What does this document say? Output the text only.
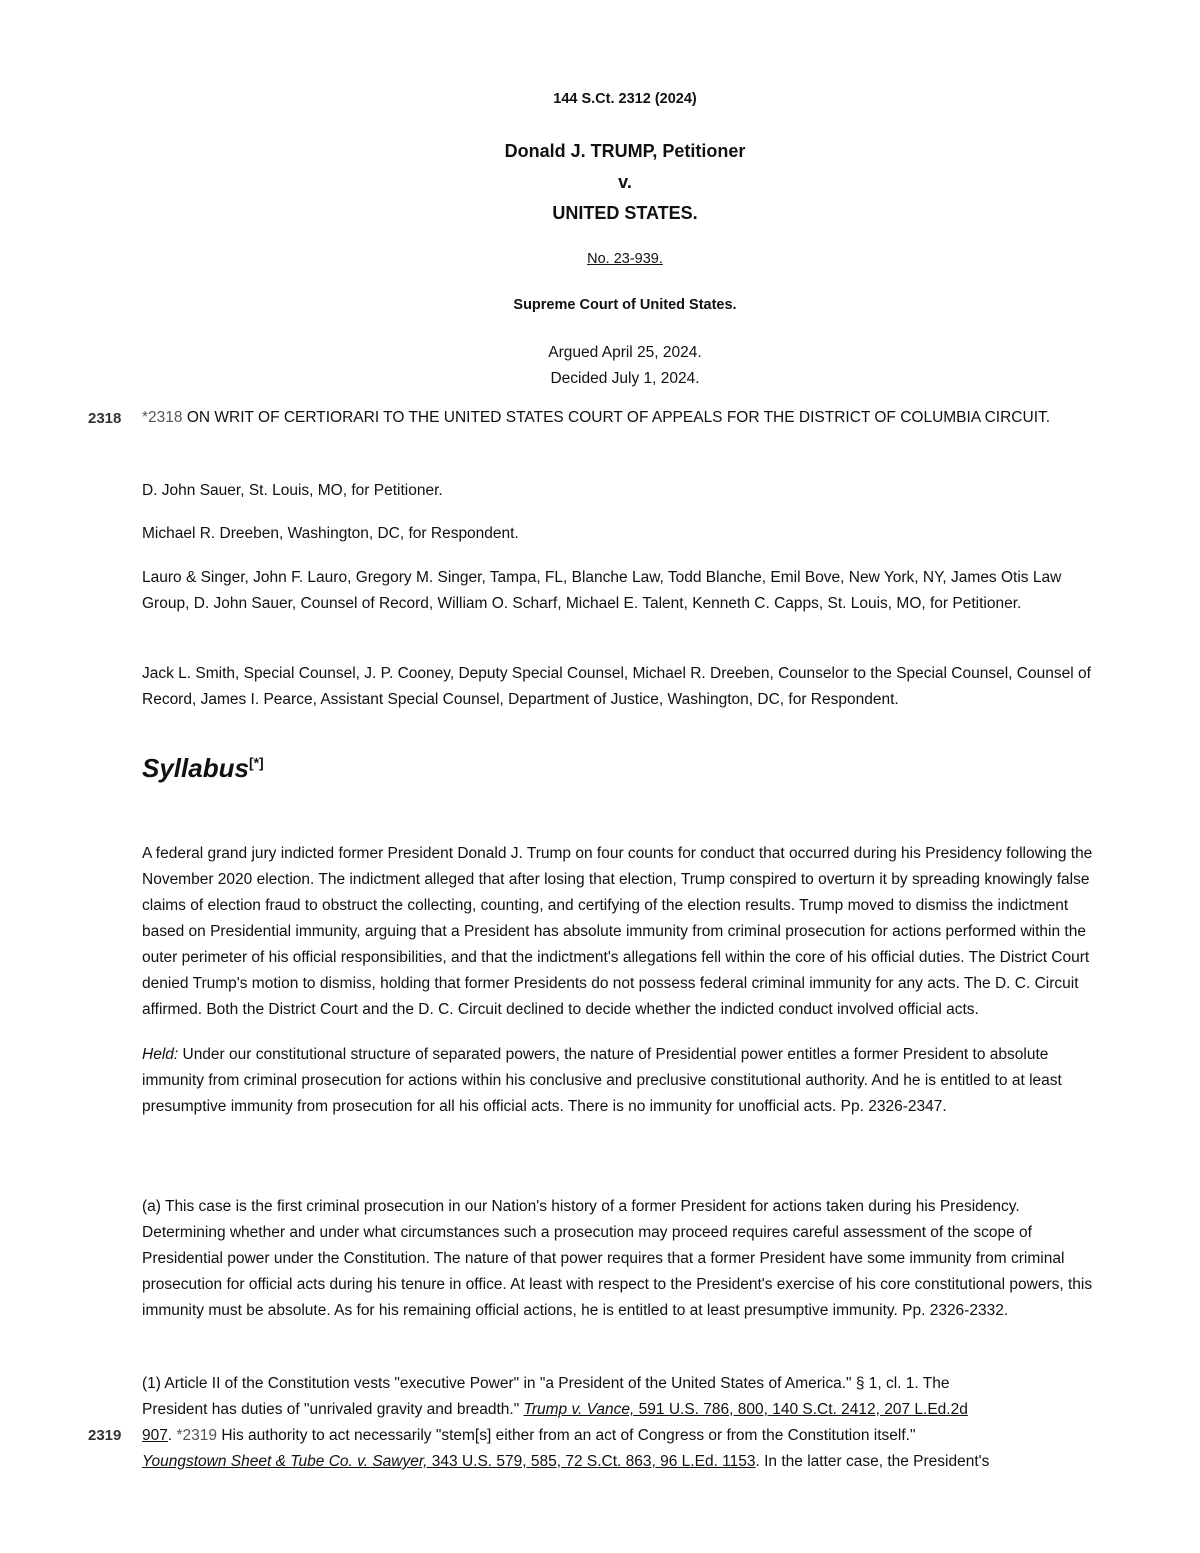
144 S.Ct. 2312 (2024)
Donald J. TRUMP, Petitioner
v.
UNITED STATES.
No. 23-939.
Supreme Court of United States.
Argued April 25, 2024.
Decided July 1, 2024.
2318 *2318 ON WRIT OF CERTIORARI TO THE UNITED STATES COURT OF APPEALS FOR THE DISTRICT OF COLUMBIA CIRCUIT.

D. John Sauer, St. Louis, MO, for Petitioner.

Michael R. Dreeben, Washington, DC, for Respondent.

Lauro & Singer, John F. Lauro, Gregory M. Singer, Tampa, FL, Blanche Law, Todd Blanche, Emil Bove, New York, NY, James Otis Law Group, D. John Sauer, Counsel of Record, William O. Scharf, Michael E. Talent, Kenneth C. Capps, St. Louis, MO, for Petitioner.

Jack L. Smith, Special Counsel, J. P. Cooney, Deputy Special Counsel, Michael R. Dreeben, Counselor to the Special Counsel, Counsel of Record, James I. Pearce, Assistant Special Counsel, Department of Justice, Washington, DC, for Respondent.

Syllabus[*]

A federal grand jury indicted former President Donald J. Trump on four counts for conduct that occurred during his Presidency following the November 2020 election. The indictment alleged that after losing that election, Trump conspired to overturn it by spreading knowingly false claims of election fraud to obstruct the collecting, counting, and certifying of the election results. Trump moved to dismiss the indictment based on Presidential immunity, arguing that a President has absolute immunity from criminal prosecution for actions performed within the outer perimeter of his official responsibilities, and that the indictment's allegations fell within the core of his official duties. The District Court denied Trump's motion to dismiss, holding that former Presidents do not possess federal criminal immunity for any acts. The D. C. Circuit affirmed. Both the District Court and the D. C. Circuit declined to decide whether the indicted conduct involved official acts.

Held: Under our constitutional structure of separated powers, the nature of Presidential power entitles a former President to absolute immunity from criminal prosecution for actions within his conclusive and preclusive constitutional authority. And he is entitled to at least presumptive immunity from prosecution for all his official acts. There is no immunity for unofficial acts. Pp. 2326-2347.

(a) This case is the first criminal prosecution in our Nation's history of a former President for actions taken during his Presidency. Determining whether and under what circumstances such a prosecution may proceed requires careful assessment of the scope of Presidential power under the Constitution. The nature of that power requires that a former President have some immunity from criminal prosecution for official acts during his tenure in office. At least with respect to the President's exercise of his core constitutional powers, this immunity must be absolute. As for his remaining official actions, he is entitled to at least presumptive immunity. Pp. 2326-2332.

(1) Article II of the Constitution vests "executive Power" in "a President of the United States of America." § 1, cl. 1. The
President has duties of "unrivaled gravity and breadth." Trump v. Vance, 591 U.S. 786, 800, 140 S.Ct. 2412, 207 L.Ed.2d
907. *2319 His authority to act necessarily "stem[s] either from an act of Congress or from the Constitution itself."
Youngstown Sheet & Tube Co. v. Sawyer, 343 U.S. 579, 585, 72 S.Ct. 863, 96 L.Ed. 1153. In the latter case, the President's
2319
